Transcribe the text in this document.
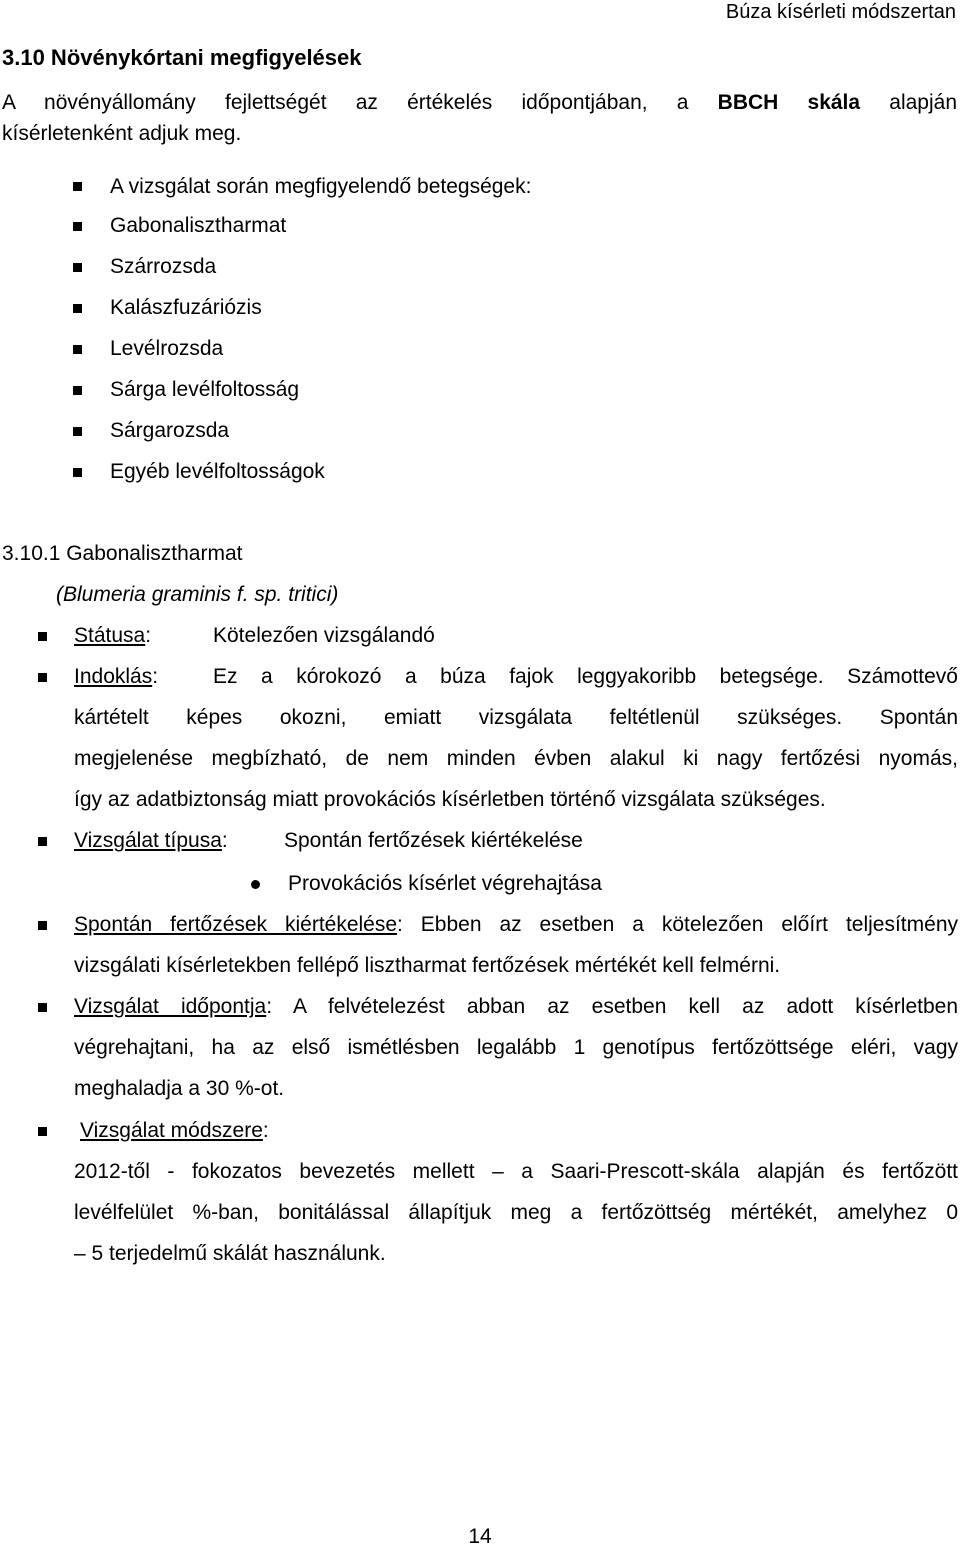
Búza kísérleti módszertan
3.10 Növénykórtani megfigyelések
A növényállomány fejlettségét az értékelés időpontjában, a BBCH skála alapján
kísérletenként adjuk meg.
A vizsgálat során megfigyelendő betegségek:
Gabonalisztharmat
Szárrozsda
Kalászfuzáriózis
Levélrozsda
Sárga levélfoltosság
Sárgarozsda
Egyéb levélfoltosságok
3.10.1 Gabonalisztharmat
(Blumeria graminis f. sp. tritici)
Státusa:	Kötelezően vizsgálandó
Indoklás:	Ez a kórokozó a búza fajok leggyakoribb betegsége. Számottevő
kártételt képes okozni, emiatt vizsgálata feltétlenül szükséges. Spontán
megjelenése megbízható, de nem minden évben alakul ki nagy fertőzési nyomás,
így az adatbiztonság miatt provokációs kísérletben történő vizsgálata szükséges.
Vizsgálat típusa:	Spontán fertőzések kiértékelése
Provokációs kísérlet végrehajtása
Spontán fertőzések kiértékelése: Ebben az esetben a kötelezően előírt teljesítmény
vizsgálati kísérletekben fellépő lisztharmat fertőzések mértékét kell felmérni.
Vizsgálat időpontja: A felvételezést abban az esetben kell az adott kísérletben
végrehajtani, ha az első ismétlésben legalább 1 genotípus fertőzöttsége eléri, vagy
meghaladja a 30 %-ot.
Vizsgálat módszere:
2012-től - fokozatos bevezetés mellett – a Saari-Prescott-skála alapján és fertőzött
levélfelület %-ban, bonitálással állapítjuk meg a fertőzöttség mértékét, amelyhez 0
– 5 terjedelmű skálát használunk.
14
